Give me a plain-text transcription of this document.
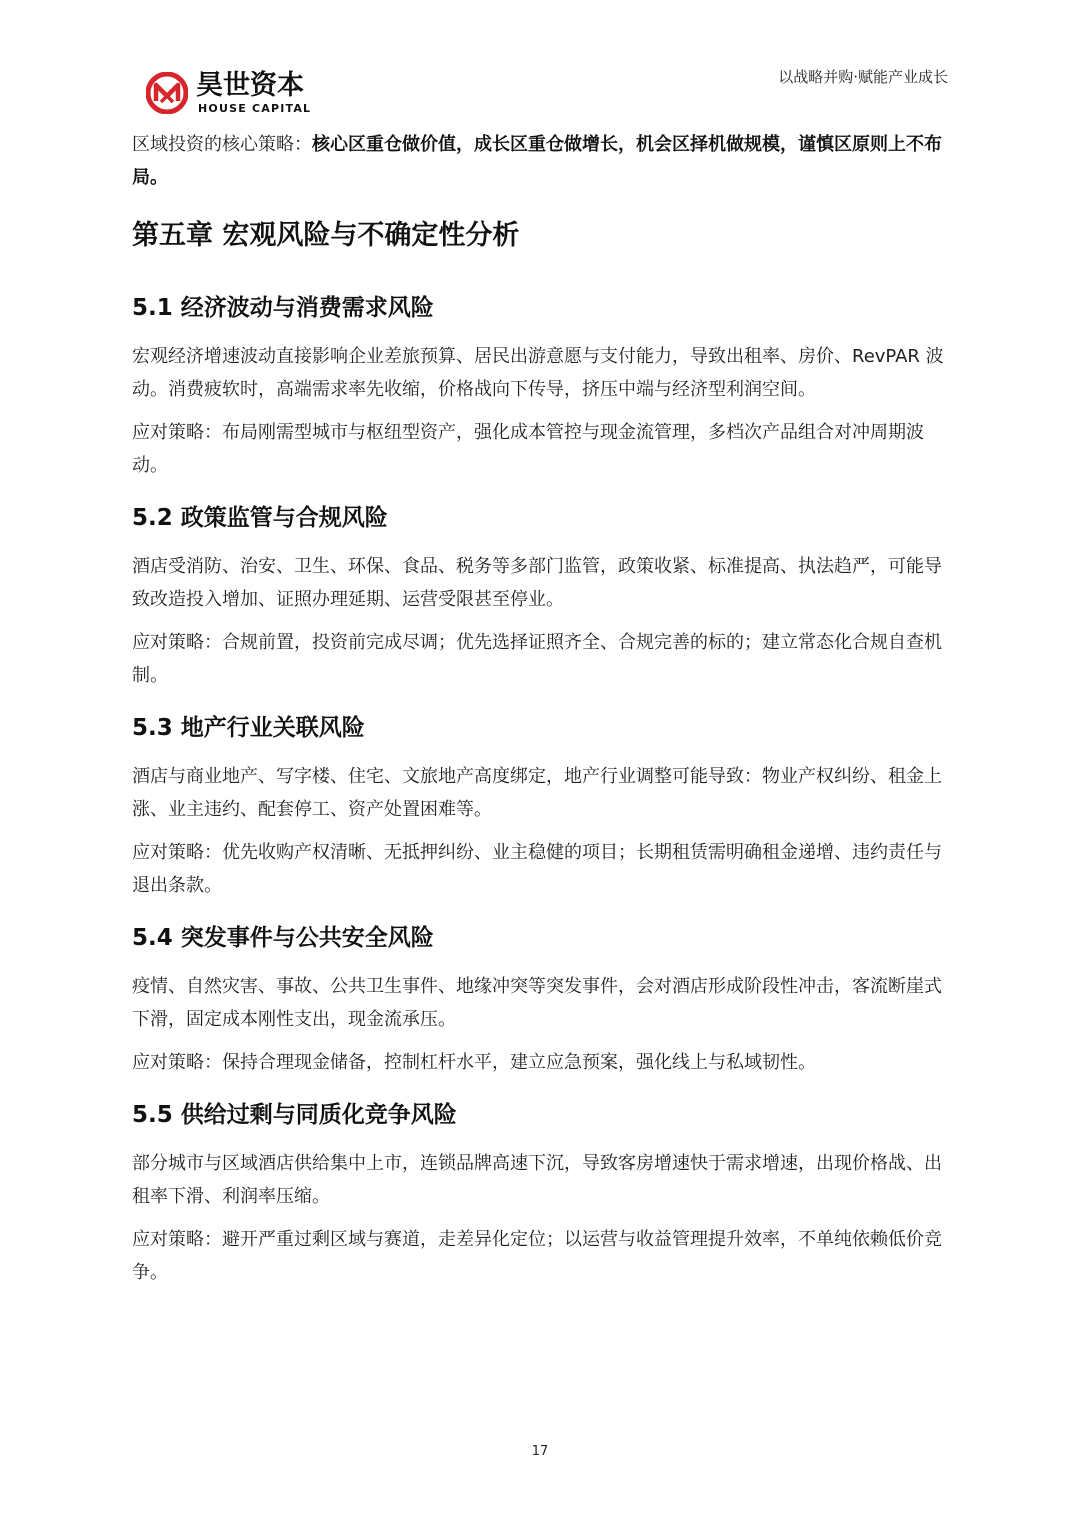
昊世资本
HOUSE CAPITAL
以战略并购·赋能产业成长

区域投资的核心策略：核心区重仓做价值，成长区重仓做增长，机会区择机做规模，谨慎区原则上不布局。

第五章 宏观风险与不确定性分析
5.1 经济波动与消费需求风险

宏观经济增速波动直接影响企业差旅预算、居民出游意愿与支付能力，导致出租率、房价、RevPAR 波动。消费疲软时，高端需求率先收缩，价格战向下传导，挤压中端与经济型利润空间。

应对策略：布局刚需型城市与枢纽型资产，强化成本管控与现金流管理，多档次产品组合对冲周期波动。

5.2 政策监管与合规风险

酒店受消防、治安、卫生、环保、食品、税务等多部门监管，政策收紧、标准提高、执法趋严，可能导致改造投入增加、证照办理延期、运营受限甚至停业。

应对策略：合规前置，投资前完成尽调；优先选择证照齐全、合规完善的标的；建立常态化合规自查机制。

5.3 地产行业关联风险

酒店与商业地产、写字楼、住宅、文旅地产高度绑定，地产行业调整可能导致：物业产权纠纷、租金上涨、业主违约、配套停工、资产处置困难等。

应对策略：优先收购产权清晰、无抵押纠纷、业主稳健的项目；长期租赁需明确租金递增、违约责任与退出条款。

5.4 突发事件与公共安全风险

疫情、自然灾害、事故、公共卫生事件、地缘冲突等突发事件，会对酒店形成阶段性冲击，客流断崖式下滑，固定成本刚性支出，现金流承压。

应对策略：保持合理现金储备，控制杠杆水平，建立应急预案，强化线上与私域韧性。

5.5 供给过剩与同质化竞争风险

部分城市与区域酒店供给集中上市，连锁品牌高速下沉，导致客房增速快于需求增速，出现价格战、出租率下滑、利润率压缩。

应对策略：避开严重过剩区域与赛道，走差异化定位；以运营与收益管理提升效率，不单纯依赖低价竞争。

17
